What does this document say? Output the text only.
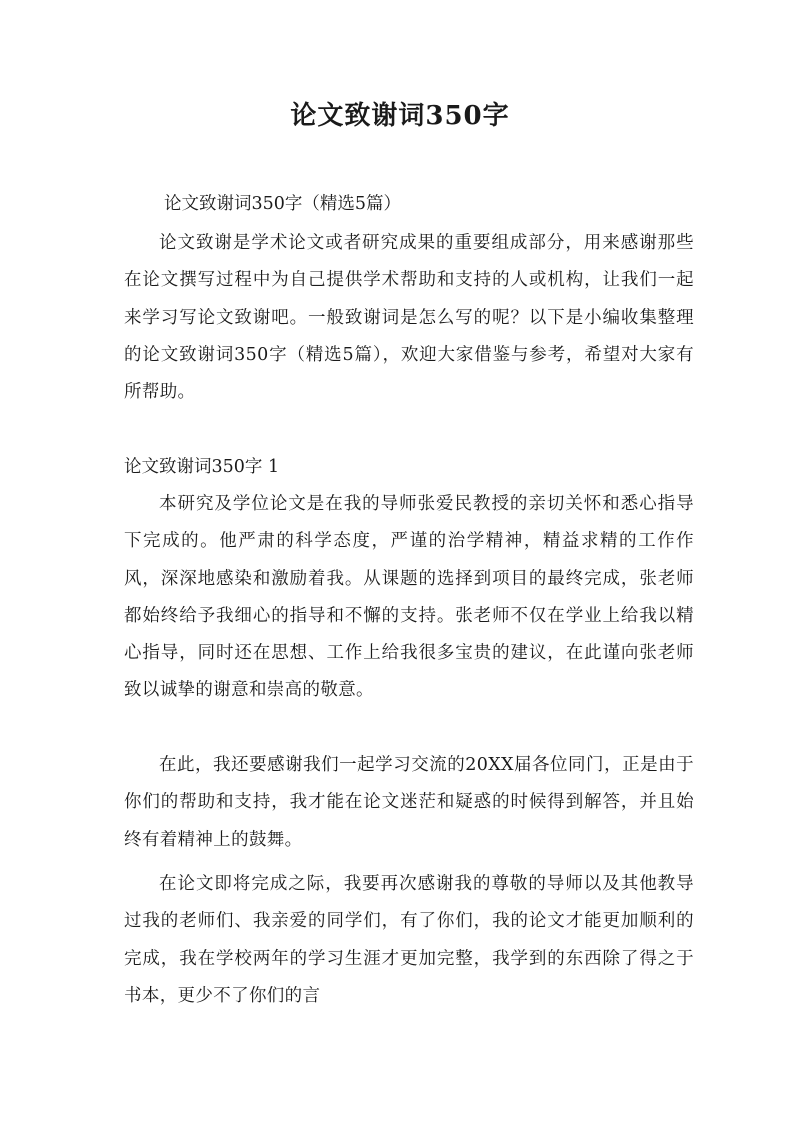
论文致谢词350字
论文致谢词350字（精选5篇）
论文致谢是学术论文或者研究成果的重要组成部分，用来感谢那些在论文撰写过程中为自己提供学术帮助和支持的人或机构，让我们一起来学习写论文致谢吧。一般致谢词是怎么写的呢？以下是小编收集整理的论文致谢词350字（精选5篇），欢迎大家借鉴与参考，希望对大家有所帮助。
论文致谢词350字 1
本研究及学位论文是在我的导师张爱民教授的亲切关怀和悉心指导下完成的。他严肃的科学态度，严谨的治学精神，精益求精的工作作风，深深地感染和激励着我。从课题的选择到项目的最终完成，张老师都始终给予我细心的指导和不懈的支持。张老师不仅在学业上给我以精心指导，同时还在思想、工作上给我很多宝贵的建议，在此谨向张老师致以诚挚的谢意和崇高的敬意。
在此，我还要感谢我们一起学习交流的20XX届各位同门，正是由于你们的帮助和支持，我才能在论文迷茫和疑惑的时候得到解答，并且始终有着精神上的鼓舞。
在论文即将完成之际，我要再次感谢我的尊敬的导师以及其他教导过我的老师们、我亲爱的同学们，有了你们，我的论文才能更加顺利的完成，我在学校两年的学习生涯才更加完整，我学到的东西除了得之于书本，更少不了你们的言
